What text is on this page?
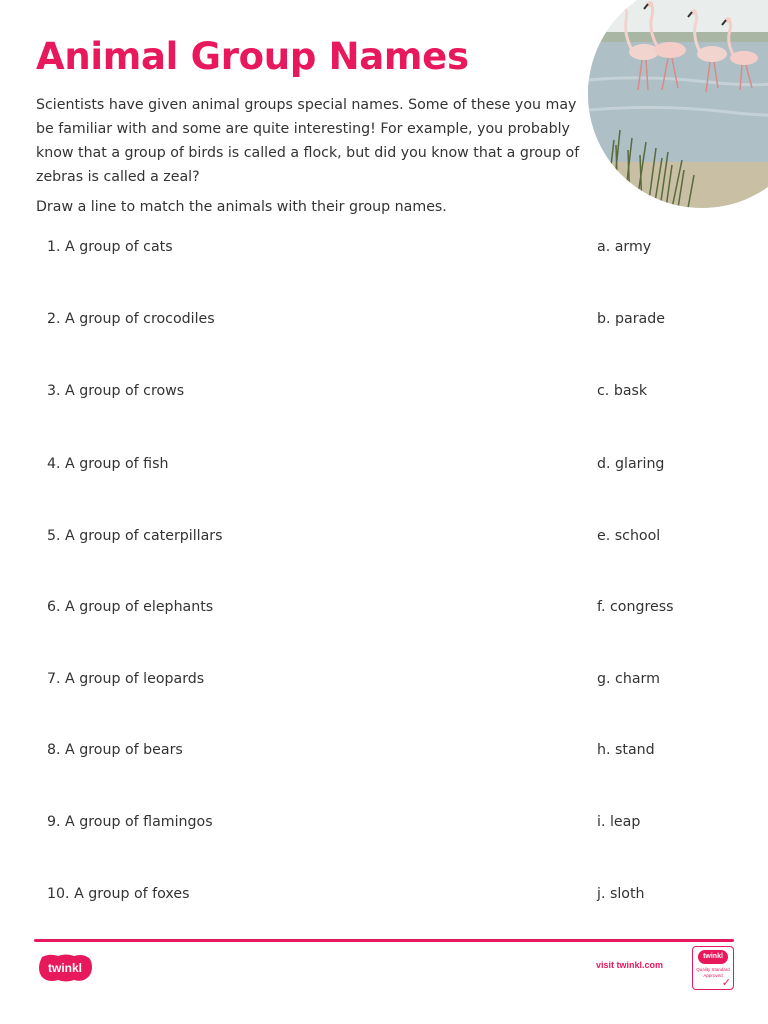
Animal Group Names
Scientists have given animal groups special names. Some of these you may be familiar with and some are quite interesting! For example, you probably know that a group of birds is called a flock, but did you know that a group of zebras is called a zeal?
Draw a line to match the animals with their group names.
1. A group of cats
2. A group of crocodiles
3. A group of crows
4. A group of fish
5. A group of caterpillars
6. A group of elephants
7. A group of leopards
8. A group of bears
9. A group of flamingos
10. A group of foxes
a. army
b. parade
c. bask
d. glaring
e. school
f. congress
g. charm
h. stand
i. leap
j. sloth
twinkl	visit twinkl.com
twinkl
Quality Standard Approved
✓
